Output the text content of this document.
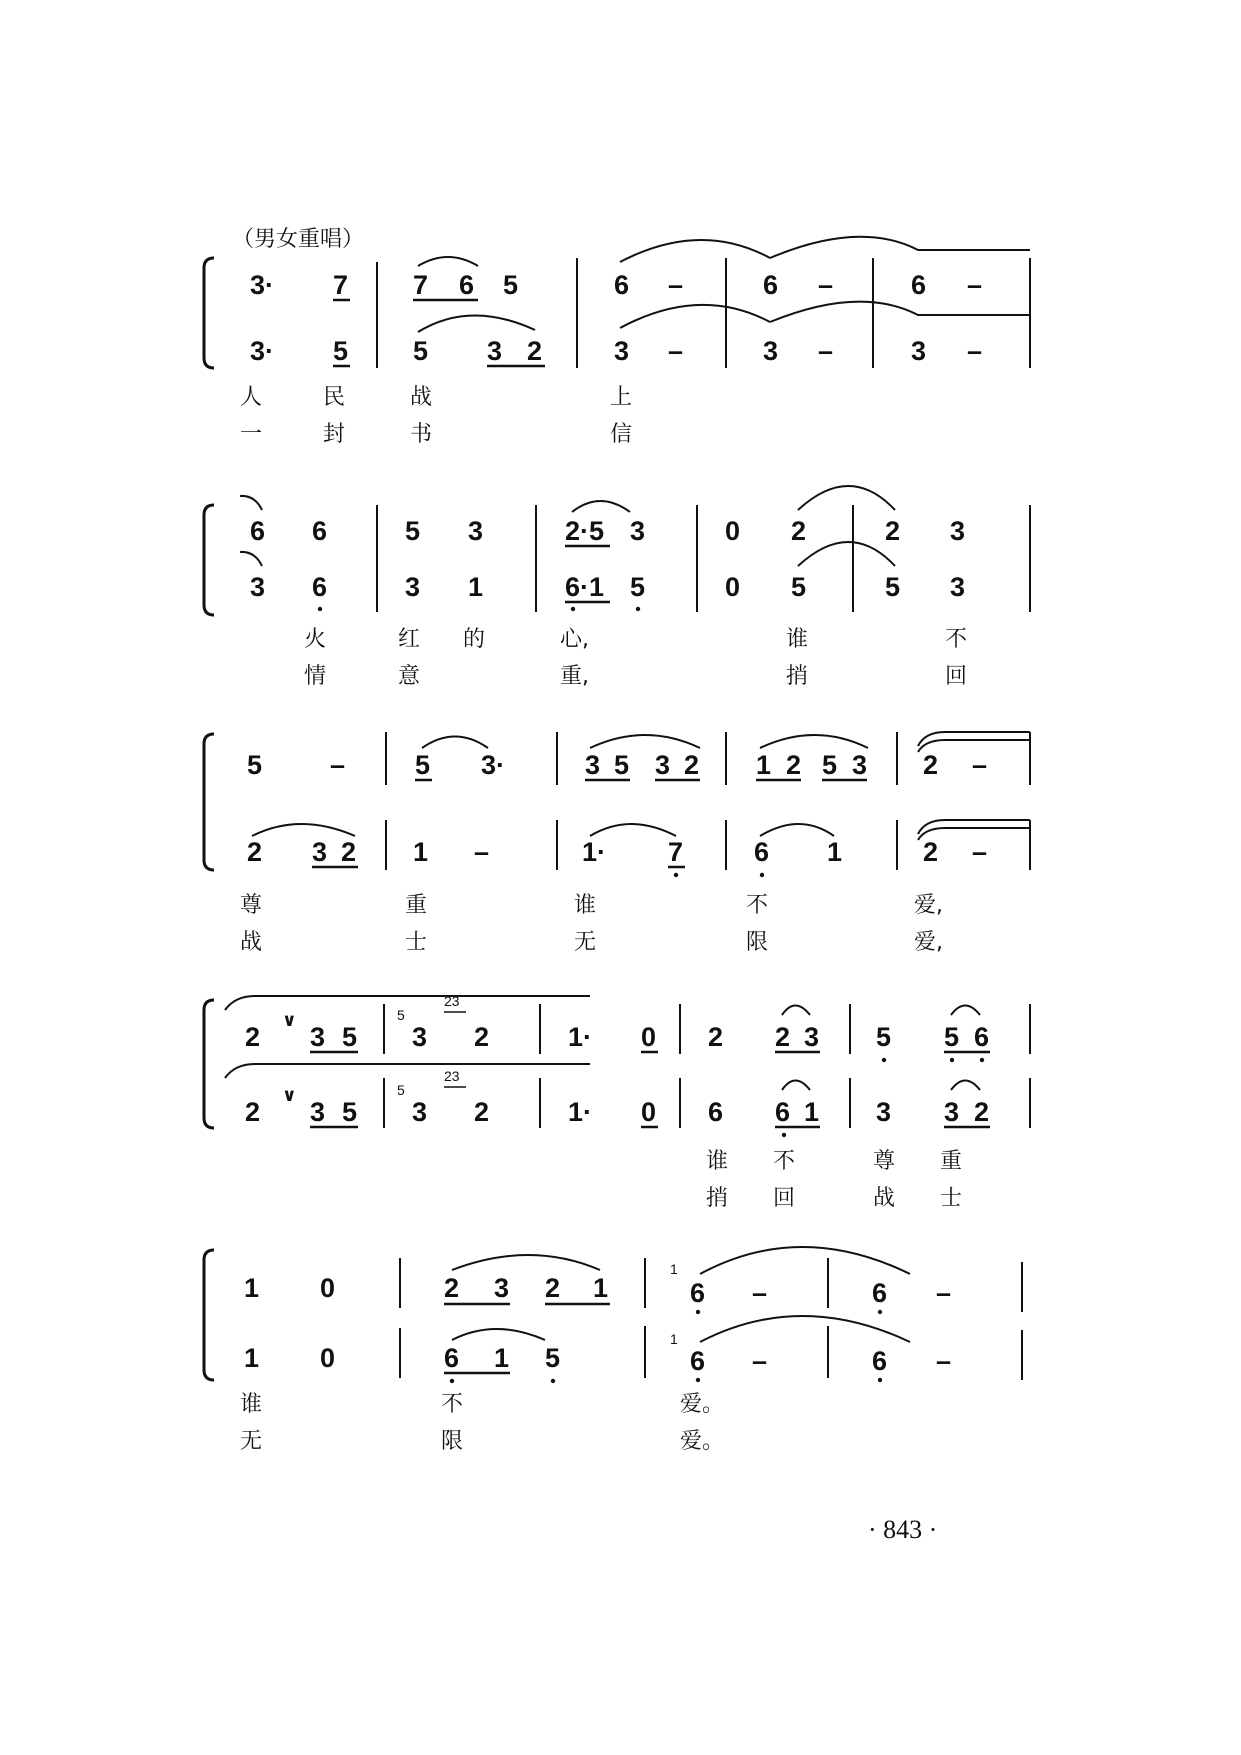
（男女重唱）
3· 7 7 6 5	6 –	6 –	6 –
3· 5 5 3 2	3 –	3 –	3 –
人	民	战	上
一	封	书	信
6 6	5 3	2·5 3	0 2	2 3
3 6	3 1	6·1 5	0 5	5 3
火	红 的	心,	谁	不
情	意	重,	捎	回
5	–	5 3·	3 5 3 2 1 2 5 3 2 –
2 3 2 1 –	1· 7	6 1	2 –
尊	重	谁	不	爱,
战	士	无	限	爱,
2
∨
3 5
5
3
23
2	1· 0 2 2 3 5 5 6
2
∨
3 5
5
3
23
2	1· 0 6 6 1 3 3 2
谁 不	尊 重
捎 回	战 士
1 0	2 3 2 1
1
6 –	6 –
1 0	6 1 5
1
6 –	6 –
谁	不	爱。
无	限	爱。
· 843 ·
